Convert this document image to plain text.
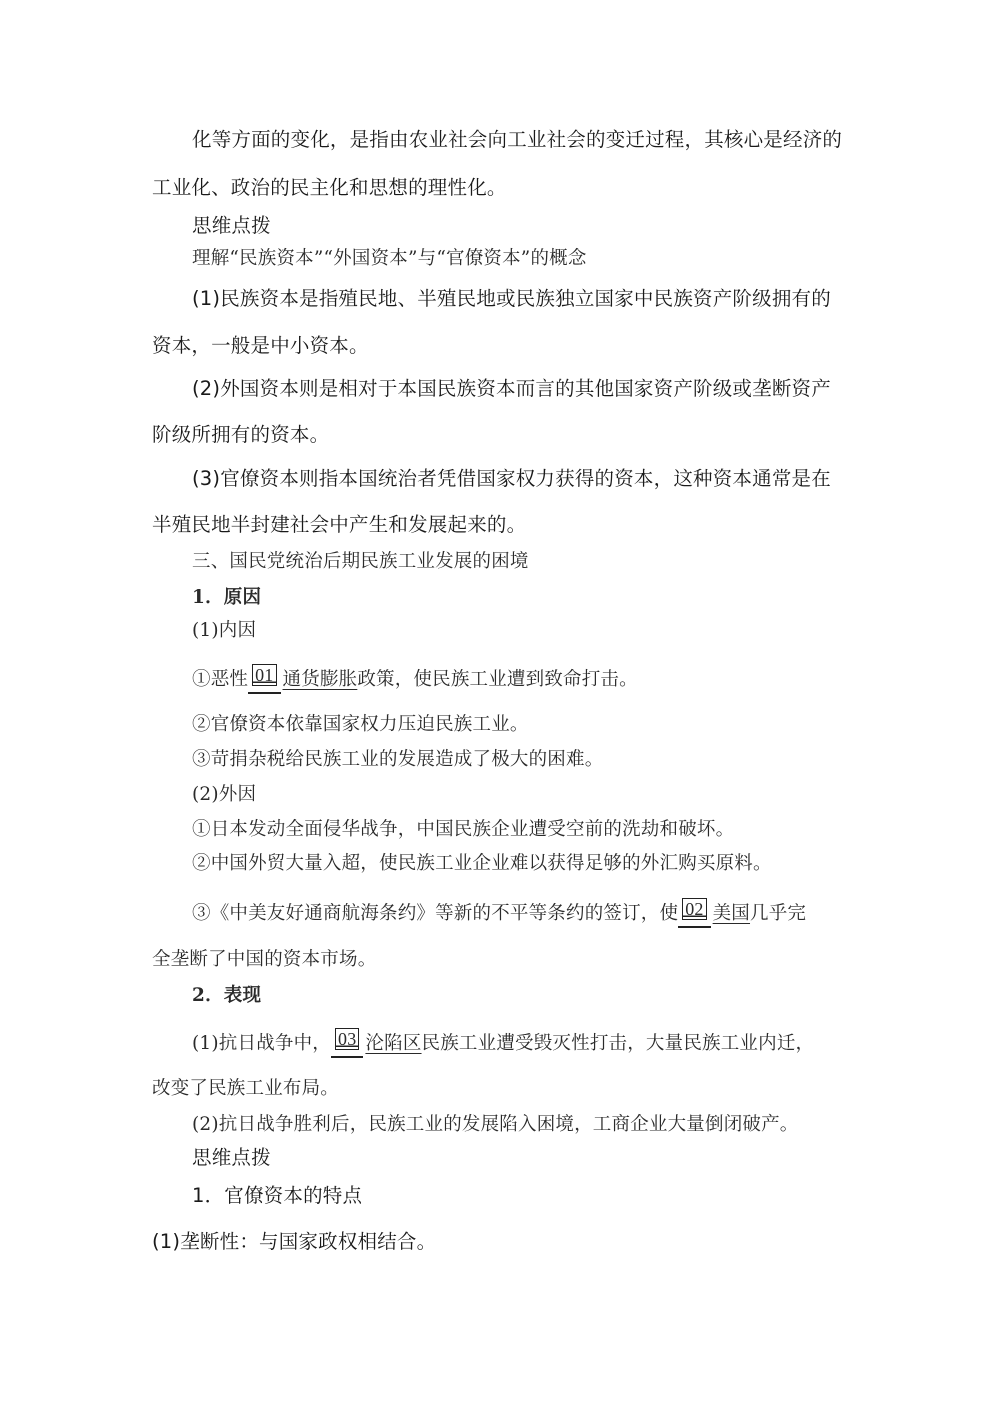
化等方面的变化，是指由农业社会向工业社会的变迁过程，其核心是经济的
工业化、政治的民主化和思想的理性化。
思维点拨
理解“民族资本”“外国资本”与“官僚资本”的概念
(1)民族资本是指殖民地、半殖民地或民族独立国家中民族资产阶级拥有的
资本，一般是中小资本。
(2)外国资本则是相对于本国民族资本而言的其他国家资产阶级或垄断资产
阶级所拥有的资本。
(3)官僚资本则指本国统治者凭借国家权力获得的资本，这种资本通常是在
半殖民地半封建社会中产生和发展起来的。
三、国民党统治后期民族工业发展的困境
1．原因
(1)内因
①恶性 01 通货膨胀政策，使民族工业遭到致命打击。
②官僚资本依靠国家权力压迫民族工业。
③苛捐杂税给民族工业的发展造成了极大的困难。
(2)外因
①日本发动全面侵华战争，中国民族企业遭受空前的洗劫和破坏。
②中国外贸大量入超，使民族工业企业难以获得足够的外汇购买原料。
③《中美友好通商航海条约》等新的不平等条约的签订，使 02 美国几乎完
全垄断了中国的资本市场。
2．表现
(1)抗日战争中， 03 沦陷区民族工业遭受毁灭性打击，大量民族工业内迁，
改变了民族工业布局。
(2)抗日战争胜利后，民族工业的发展陷入困境，工商企业大量倒闭破产。
思维点拨
1．官僚资本的特点
(1)垄断性：与国家政权相结合。
